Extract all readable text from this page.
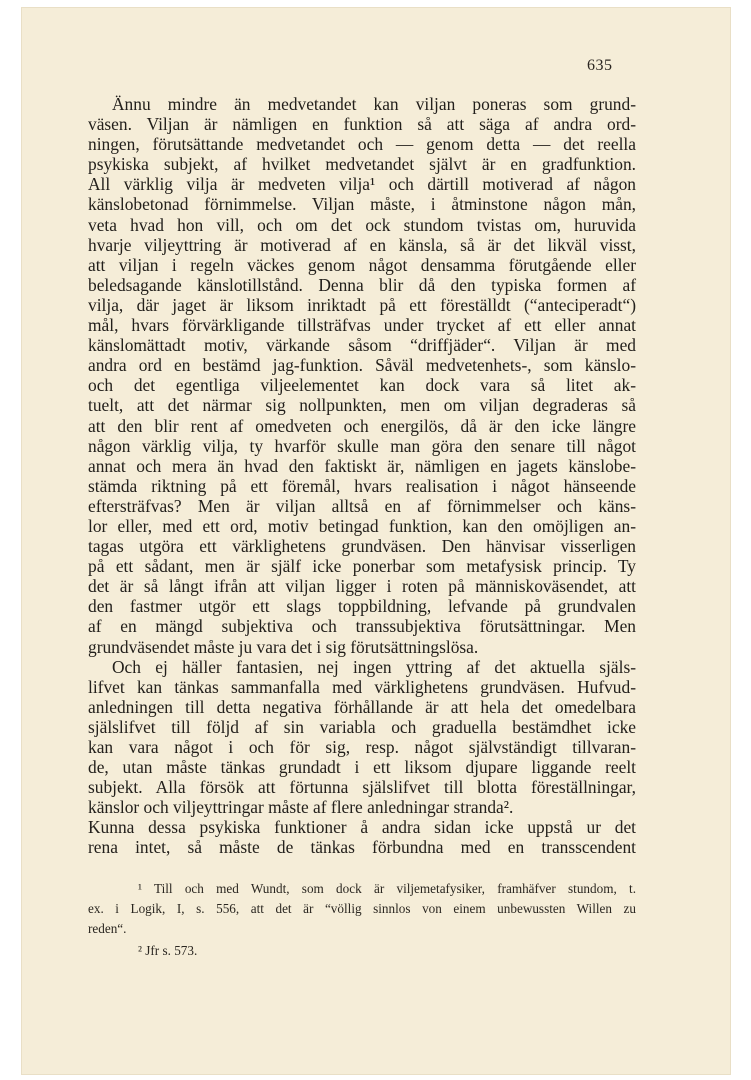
635
Ännu mindre än medvetandet kan viljan poneras som grund-
väsen. Viljan är nämligen en funktion så att säga af andra ord-
ningen, förutsättande medvetandet och — genom detta — det reella
psykiska subjekt, af hvilket medvetandet självt är en gradfunktion.
All värklig vilja är medveten vilja¹ och därtill motiverad af någon
känslobetonad förnimmelse. Viljan måste, i åtminstone någon mån,
veta hvad hon vill, och om det ock stundom tvistas om, huruvida
hvarje viljeyttring är motiverad af en känsla, så är det likväl visst,
att viljan i regeln väckes genom något densamma förutgående eller
beledsagande känslotillstånd. Denna blir då den typiska formen af
vilja, där jaget är liksom inriktadt på ett föreställdt (“anteciperadt“)
mål, hvars förvärkligande tillsträfvas under trycket af ett eller annat
känslomättadt motiv, värkande såsom “driffjäder“. Viljan är med
andra ord en bestämd jag-funktion. Såväl medvetenhets-, som känslo-
och det egentliga viljeelementet kan dock vara så litet ak-
tuelt, att det närmar sig nollpunkten, men om viljan degraderas så
att den blir rent af omedveten och energilös, då är den icke längre
någon värklig vilja, ty hvarför skulle man göra den senare till något
annat och mera än hvad den faktiskt är, nämligen en jagets känslobe-
stämda riktning på ett föremål, hvars realisation i något hänseende
eftersträfvas? Men är viljan alltså en af förnimmelser och käns-
lor eller, med ett ord, motiv betingad funktion, kan den omöjligen an-
tagas utgöra ett värklighetens grundväsen. Den hänvisar visserligen
på ett sådant, men är själf icke ponerbar som metafysisk princip. Ty
det är så långt ifrån att viljan ligger i roten på människoväsendet, att
den fastmer utgör ett slags toppbildning, lefvande på grundvalen
af en mängd subjektiva och transsubjektiva förutsättningar. Men
grundväsendet måste ju vara det i sig förutsättningslösa.
Och ej häller fantasien, nej ingen yttring af det aktuella själs-
lifvet kan tänkas sammanfalla med värklighetens grundväsen. Hufvud-
anledningen till detta negativa förhållande är att hela det omedelbara
själslifvet till följd af sin variabla och graduella bestämdhet icke
kan vara något i och för sig, resp. något självständigt tillvaran-
de, utan måste tänkas grundadt i ett liksom djupare liggande reelt
subjekt. Alla försök att förtunna själslifvet till blotta föreställningar,
känslor och viljeyttringar måste af flere anledningar stranda².
Kunna dessa psykiska funktioner å andra sidan icke uppstå ur det
rena intet, så måste de tänkas förbundna med en transscendent
¹ Till och med Wundt, som dock är viljemetafysiker, framhäfver stundom, t.
ex. i Logik, I, s. 556, att det är “völlig sinnlos von einem unbewussten Willen zu
reden“.
² Jfr s. 573.
